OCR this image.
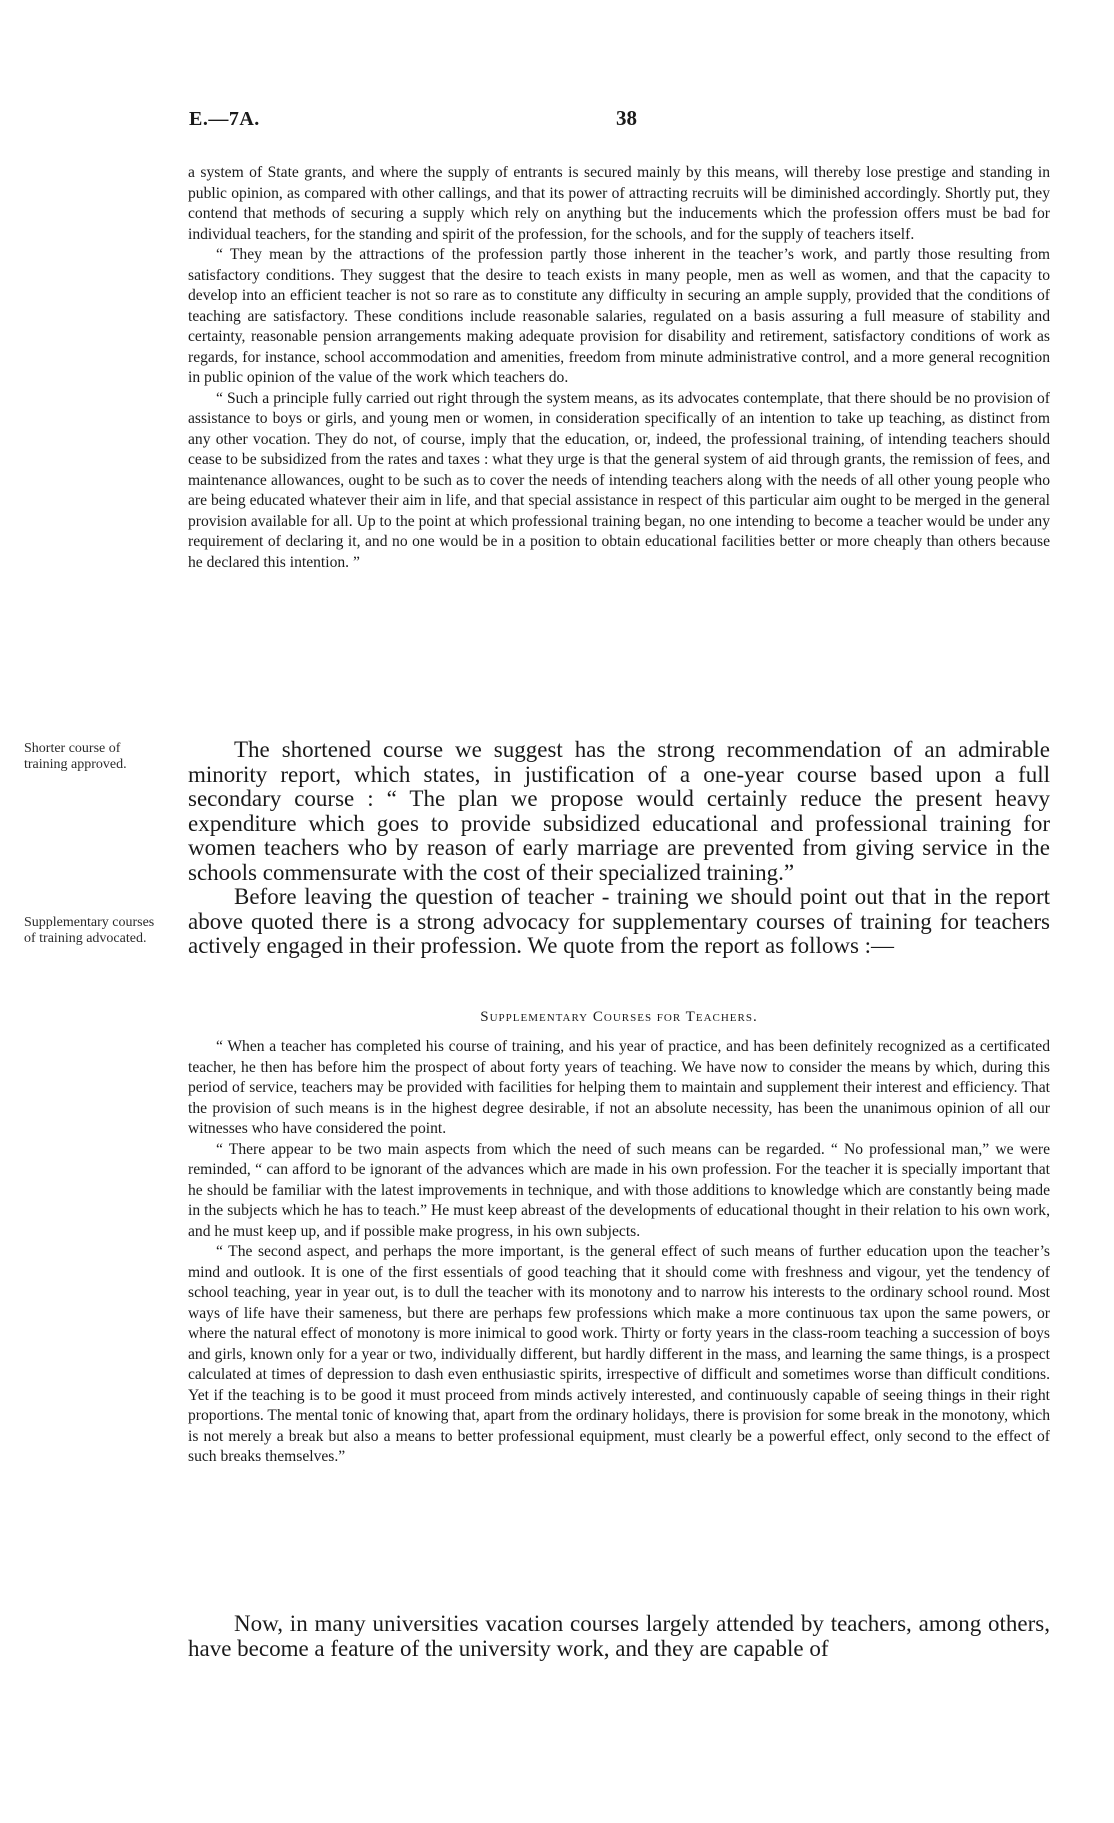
E.—7A.	38
Shorter course of training approved.
Supplementary courses of training advocated.

a system of State grants, and where the supply of entrants is secured mainly by this means, will thereby lose prestige and standing in public opinion, as compared with other callings, and that its power of attracting recruits will be diminished accordingly. Shortly put, they contend that methods of securing a supply which rely on anything but the inducements which the profession offers must be bad for individual teachers, for the standing and spirit of the profession, for the schools, and for the supply of teachers itself.

“ They mean by the attractions of the profession partly those inherent in the teacher’s work, and partly those resulting from satisfactory conditions. They suggest that the desire to teach exists in many people, men as well as women, and that the capacity to develop into an efficient teacher is not so rare as to constitute any difficulty in securing an ample supply, provided that the conditions of teaching are satisfactory. These conditions include reasonable salaries, regulated on a basis assuring a full measure of stability and certainty, reasonable pension arrangements making adequate provision for disability and retirement, satisfactory conditions of work as regards, for instance, school accommodation and amenities, freedom from minute administrative control, and a more general recognition in public opinion of the value of the work which teachers do.

“ Such a principle fully carried out right through the system means, as its advocates contemplate, that there should be no provision of assistance to boys or girls, and young men or women, in consideration specifically of an intention to take up teaching, as distinct from any other vocation. They do not, of course, imply that the education, or, indeed, the professional training, of intending teachers should cease to be subsidized from the rates and taxes : what they urge is that the general system of aid through grants, the remission of fees, and maintenance allowances, ought to be such as to cover the needs of intending teachers along with the needs of all other young people who are being educated whatever their aim in life, and that special assistance in respect of this particular aim ought to be merged in the general provision available for all. Up to the point at which professional training began, no one intending to become a teacher would be under any requirement of declaring it, and no one would be in a position to obtain educational facilities better or more cheaply than others because he declared this intention. ”

The shortened course we suggest has the strong recommendation of an admirable minority report, which states, in justification of a one-year course based upon a full secondary course : “ The plan we propose would certainly reduce the present heavy expenditure which goes to provide subsidized educational and professional training for women teachers who by reason of early marriage are prevented from giving service in the schools commensurate with the cost of their specialized training.”

Before leaving the question of teacher - training we should point out that in the report above quoted there is a strong advocacy for supplementary courses of training for teachers actively engaged in their profession. We quote from the report as follows :—

Supplementary Courses for Teachers.

“ When a teacher has completed his course of training, and his year of practice, and has been definitely recognized as a certificated teacher, he then has before him the prospect of about forty years of teaching. We have now to consider the means by which, during this period of service, teachers may be provided with facilities for helping them to maintain and supplement their interest and efficiency. That the provision of such means is in the highest degree desirable, if not an absolute necessity, has been the unanimous opinion of all our witnesses who have considered the point.

“ There appear to be two main aspects from which the need of such means can be regarded. “ No professional man,” we were reminded, “ can afford to be ignorant of the advances which are made in his own profession. For the teacher it is specially important that he should be familiar with the latest improvements in technique, and with those additions to knowledge which are constantly being made in the subjects which he has to teach.” He must keep abreast of the developments of educational thought in their relation to his own work, and he must keep up, and if possible make progress, in his own subjects.

“ The second aspect, and perhaps the more important, is the general effect of such means of further education upon the teacher’s mind and outlook. It is one of the first essentials of good teaching that it should come with freshness and vigour, yet the tendency of school teaching, year in year out, is to dull the teacher with its monotony and to narrow his interests to the ordinary school round. Most ways of life have their sameness, but there are perhaps few professions which make a more continuous tax upon the same powers, or where the natural effect of monotony is more inimical to good work. Thirty or forty years in the class-room teaching a succession of boys and girls, known only for a year or two, individually different, but hardly different in the mass, and learning the same things, is a prospect calculated at times of depression to dash even enthusiastic spirits, irrespective of difficult and sometimes worse than difficult conditions. Yet if the teaching is to be good it must proceed from minds actively interested, and continuously capable of seeing things in their right proportions. The mental tonic of knowing that, apart from the ordinary holidays, there is provision for some break in the monotony, which is not merely a break but also a means to better professional equipment, must clearly be a powerful effect, only second to the effect of such breaks themselves.”

Now, in many universities vacation courses largely attended by teachers, among others, have become a feature of the university work, and they are capable of
